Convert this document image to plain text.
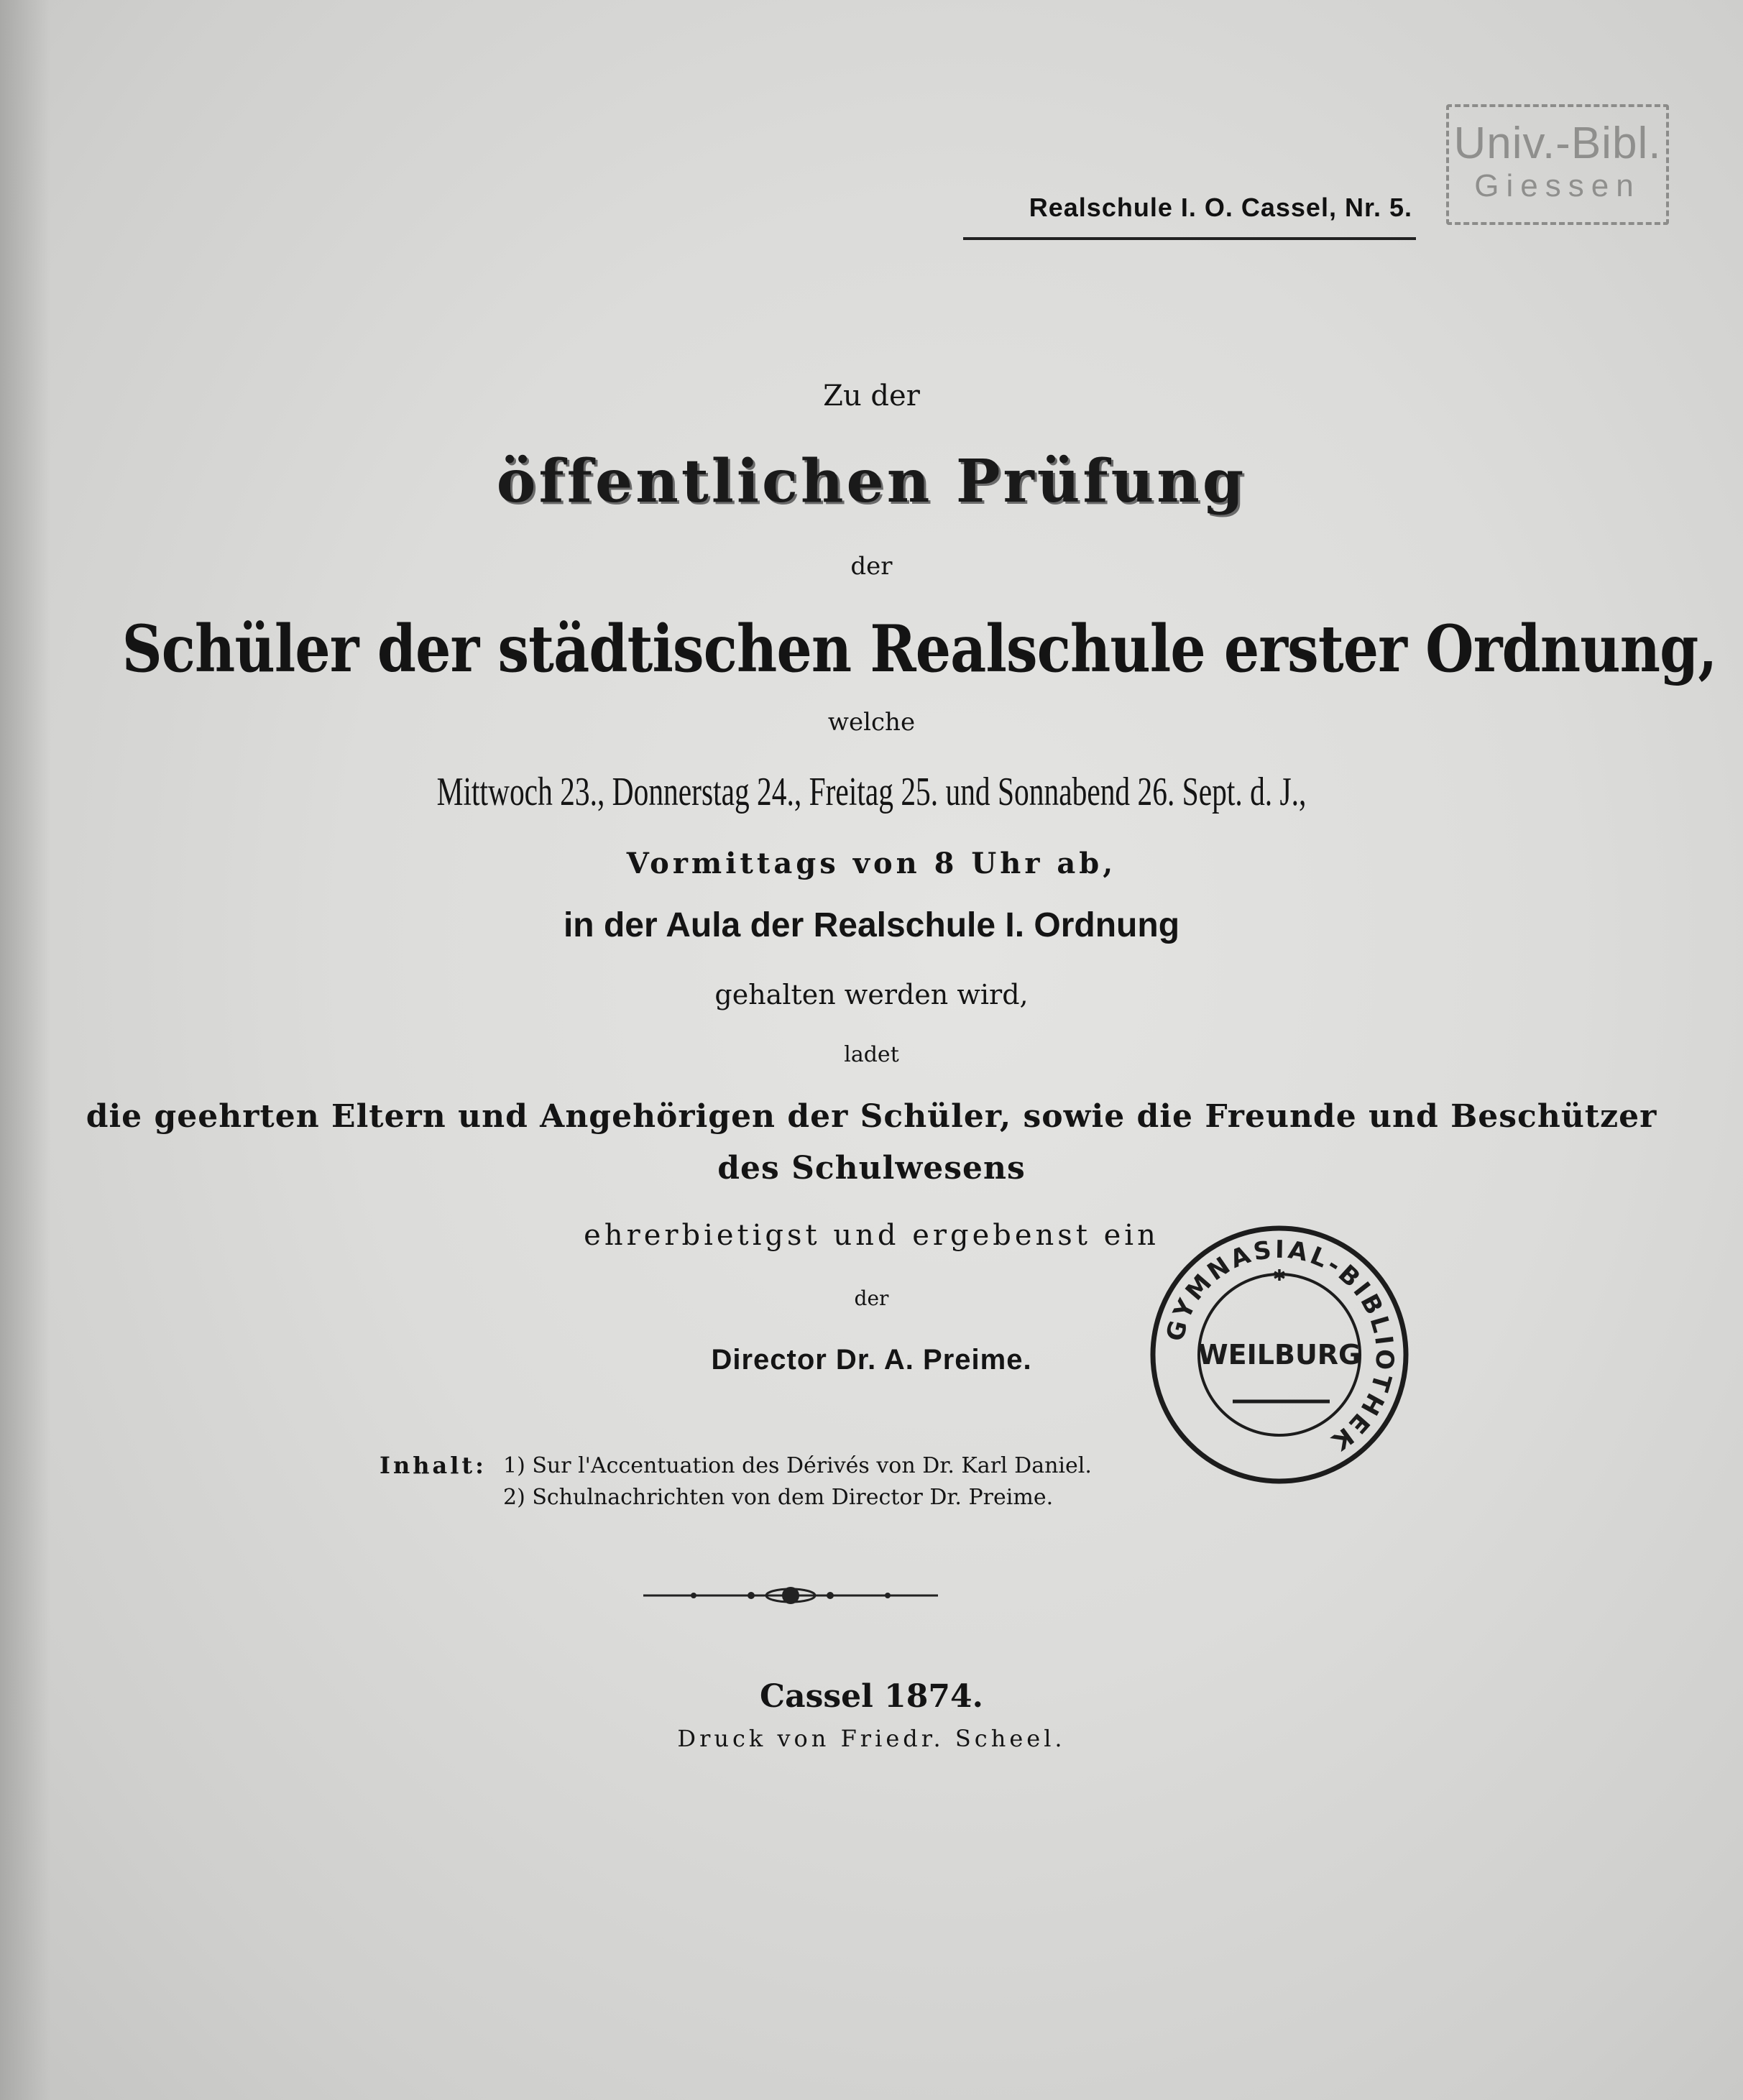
Realschule I. O. Cassel, Nr. 5.
Univ.-Bibl.
Giessen
Zu der
öffentlichen Prüfung
der
Schüler der städtischen Realschule erster Ordnung,
welche
Mittwoch 23., Donnerstag 24., Freitag 25. und Sonnabend 26. Sept. d. J.,
Vormittags von 8 Uhr ab,
in der Aula der Realschule I. Ordnung
gehalten werden wird,
ladet
die geehrten Eltern und Angehörigen der Schüler, sowie die Freunde und Beschützer
des Schulwesens
ehrerbietigst und ergebenst ein
der
Director Dr. A. Preime.
Inhalt: 1) Sur l'Accentuation des Dérivés von Dr. Karl Daniel.
2) Schulnachrichten von dem Director Dr. Preime.
Cassel 1874.
Druck von Friedr. Scheel.
GYMNASIAL-BIBLIOTHEK
✱
WEILBURG
